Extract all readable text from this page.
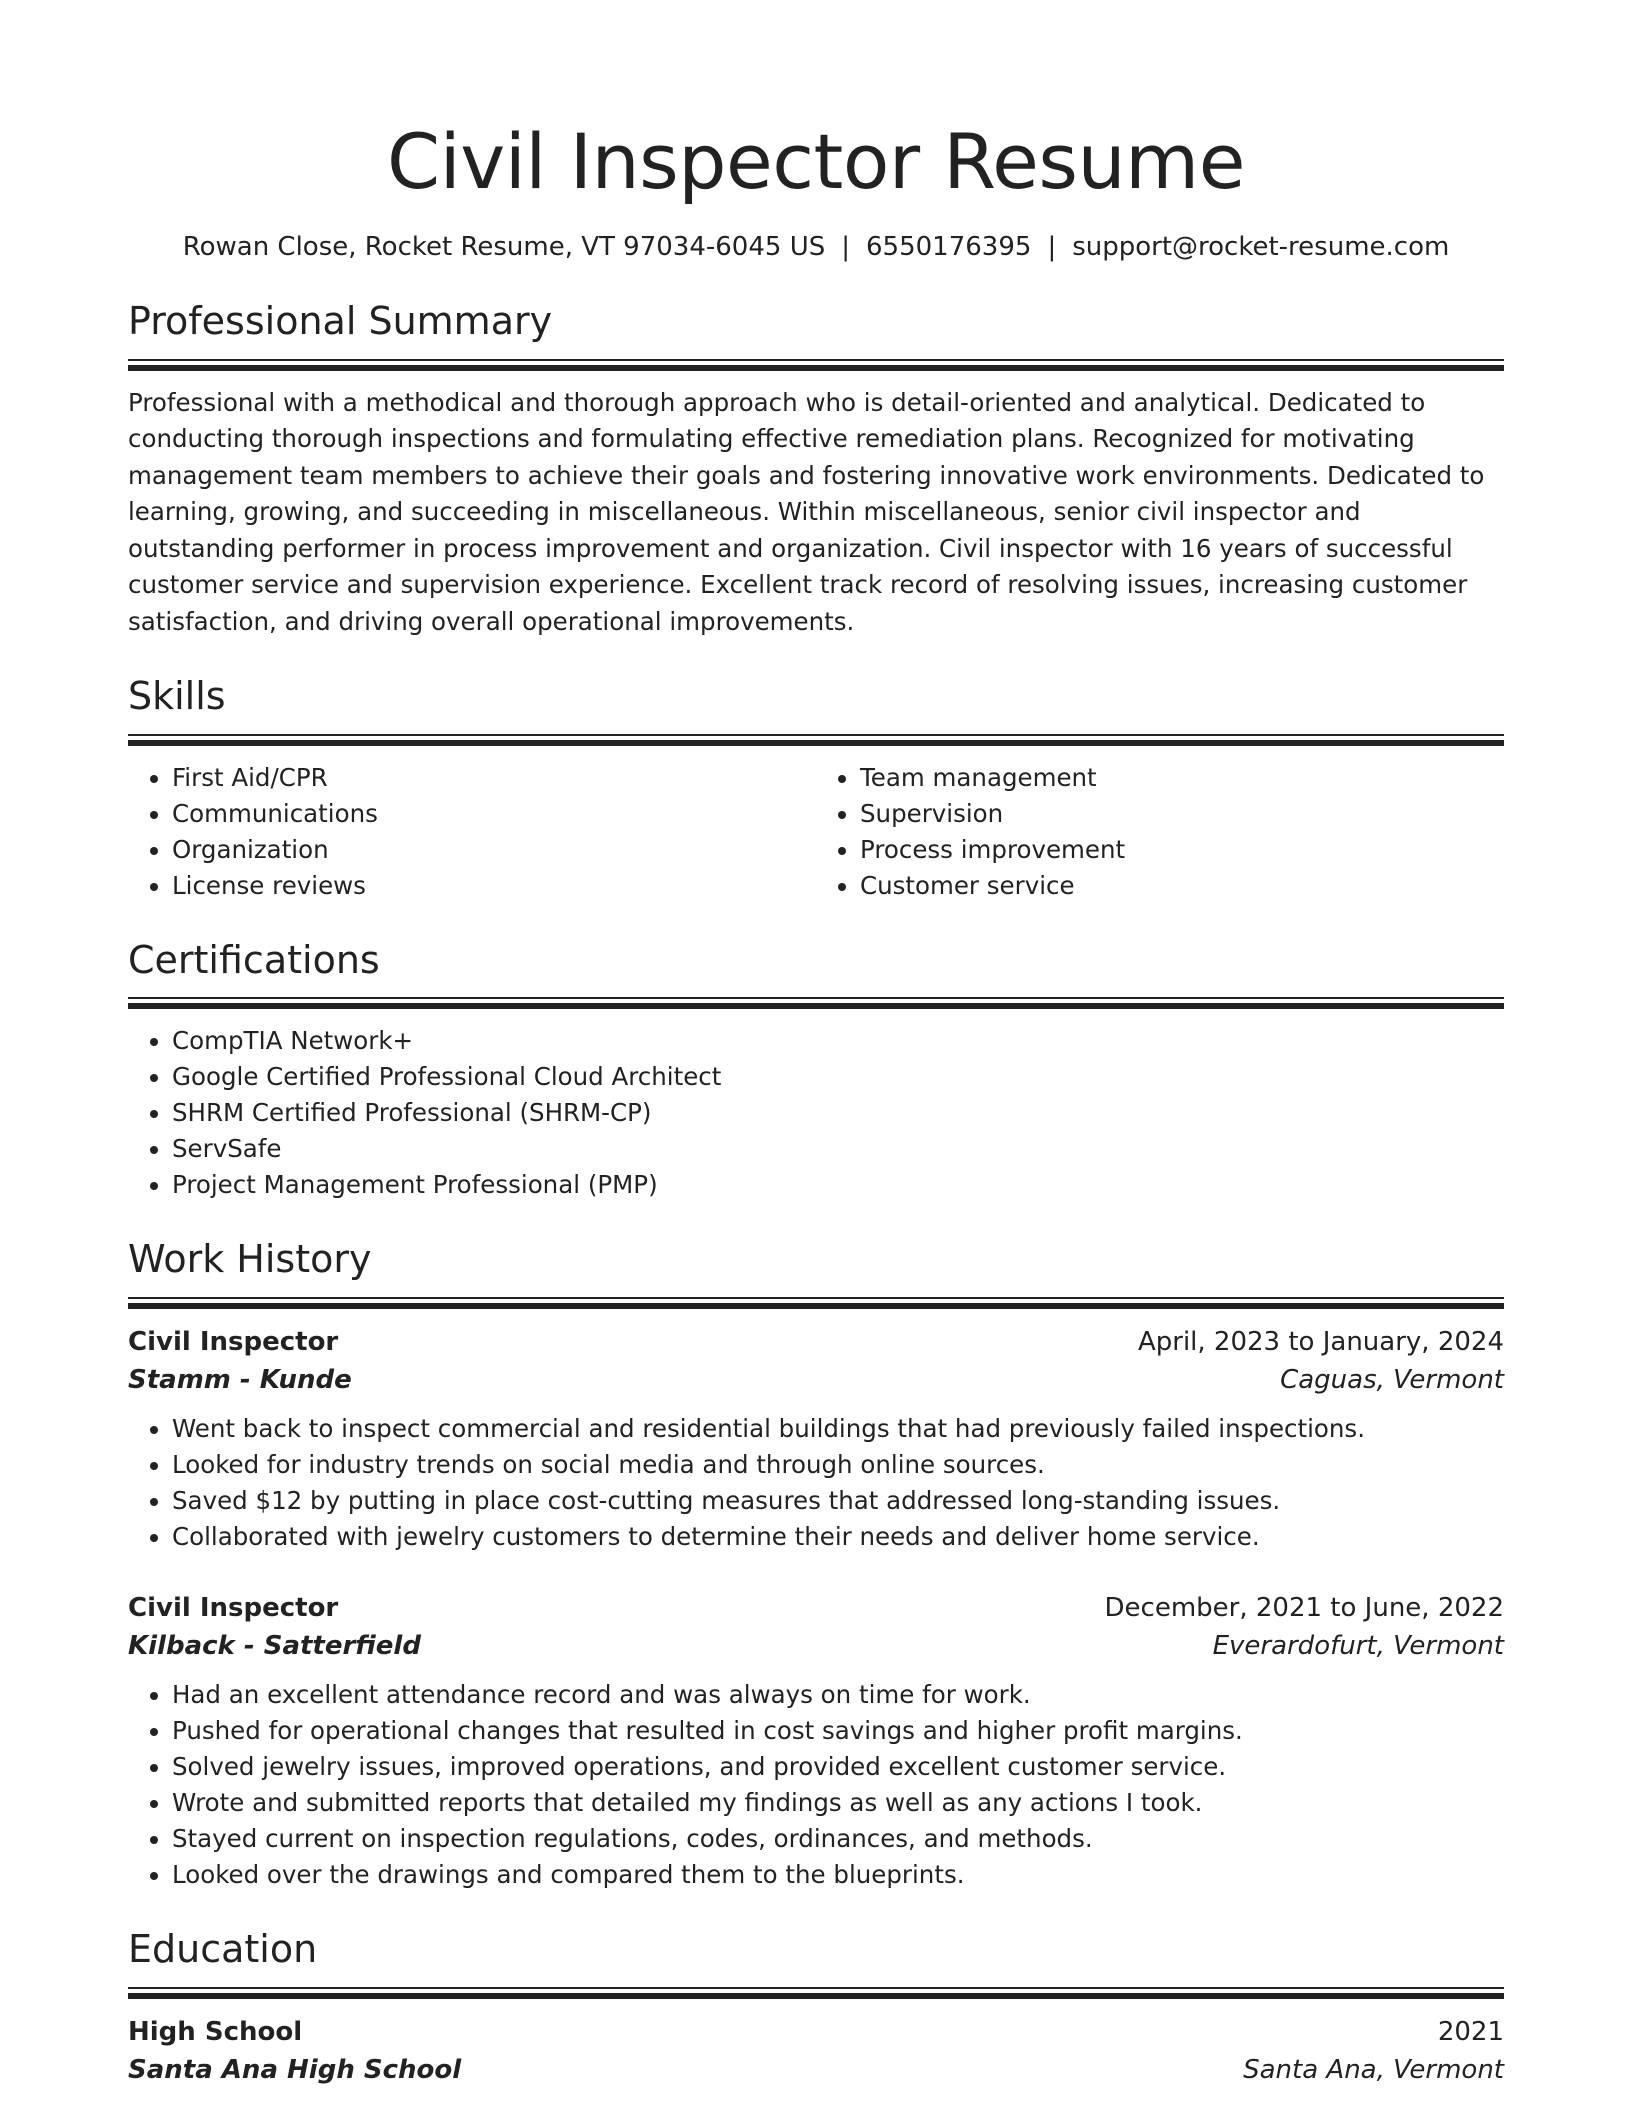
Civil Inspector Resume
Rowan Close, Rocket Resume, VT 97034-6045 US | 6550176395 | support@rocket-resume.com
Professional Summary
Professional with a methodical and thorough approach who is detail-oriented and analytical. Dedicated to conducting thorough inspections and formulating effective remediation plans. Recognized for motivating management team members to achieve their goals and fostering innovative work environments. Dedicated to learning, growing, and succeeding in miscellaneous. Within miscellaneous, senior civil inspector and outstanding performer in process improvement and organization. Civil inspector with 16 years of successful customer service and supervision experience. Excellent track record of resolving issues, increasing customer satisfaction, and driving overall operational improvements.
Skills
• First Aid/CPR
• Communications
• Organization
• License reviews
• Team management
• Supervision
• Process improvement
• Customer service
Certifications
• CompTIA Network+
• Google Certified Professional Cloud Architect
• SHRM Certified Professional (SHRM-CP)
• ServSafe
• Project Management Professional (PMP)
Work History
Civil Inspector	April, 2023 to January, 2024
Stamm - Kunde	Caguas, Vermont
• Went back to inspect commercial and residential buildings that had previously failed inspections.
• Looked for industry trends on social media and through online sources.
• Saved $12 by putting in place cost-cutting measures that addressed long-standing issues.
• Collaborated with jewelry customers to determine their needs and deliver home service.
Civil Inspector	December, 2021 to June, 2022
Kilback - Satterfield	Everardofurt, Vermont
• Had an excellent attendance record and was always on time for work.
• Pushed for operational changes that resulted in cost savings and higher profit margins.
• Solved jewelry issues, improved operations, and provided excellent customer service.
• Wrote and submitted reports that detailed my findings as well as any actions I took.
• Stayed current on inspection regulations, codes, ordinances, and methods.
• Looked over the drawings and compared them to the blueprints.
Education
High School	2021
Santa Ana High School	Santa Ana, Vermont
